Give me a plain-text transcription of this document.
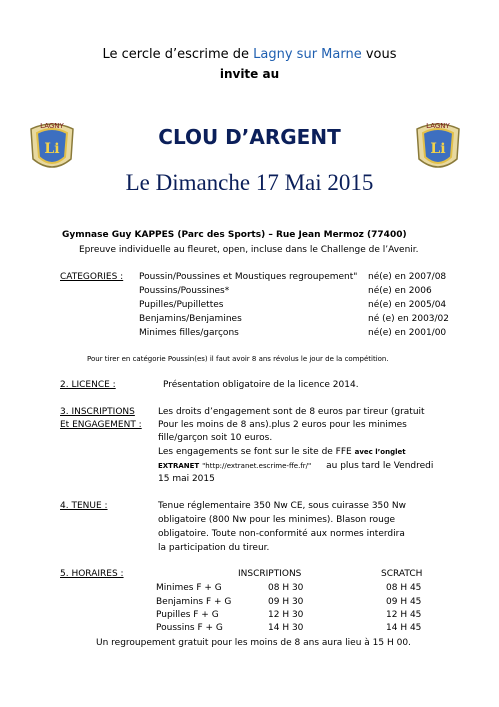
LAGNY
Li
LAGNY
Li
Le cercle d’escrime de Lagny sur Marne vous
invite au
CLOU D’ARGENT
Le Dimanche 17 Mai 2015
Gymnase Guy KAPPES (Parc des Sports) – Rue Jean Mermoz (77400)
Epreuve individuelle au fleuret, open, incluse dans le Challenge de l’Avenir.
CATEGORIES : Poussin/Poussines et Moustiques regroupement" né(e) en 2007/08
Poussins/Poussines*	né(e) en 2006
Pupilles/Pupillettes	né(e) en 2005/04
Benjamins/Benjamines	né (e) en 2003/02
Minimes filles/garçons	né(e) en 2001/00
Pour tirer en catégorie Poussin(es) il faut avoir 8 ans révolus le jour de la compétition.
2. LICENCE :	Présentation obligatoire de la licence 2014.
3. INSCRIPTIONS
Et ENGAGEMENT :
Les droits d’engagement sont de 8 euros par tireur (gratuit
Pour les moins de 8 ans).plus 2 euros pour les minimes
fille/garçon soit 10 euros.
Les engagements se font sur le site de FFE avec l’onglet
EXTRANET "http://extranet.escrime-ffe.fr/" au plus tard le Vendredi
15 mai 2015
4. TENUE :	Tenue réglementaire 350 Nw CE, sous cuirasse 350 Nw
obligatoire (800 Nw pour les minimes). Blason rouge
obligatoire. Toute non-conformité aux normes interdira
la participation du tireur.
5. HORAIRES :	INSCRIPTIONS	SCRATCH
Minimes F + G	08 H 30	08 H 45
Benjamins F + G	09 H 30	09 H 45
Pupilles F + G	12 H 30	12 H 45
Poussins F + G	14 H 30	14 H 45
Un regroupement gratuit pour les moins de 8 ans aura lieu à 15 H 00.
